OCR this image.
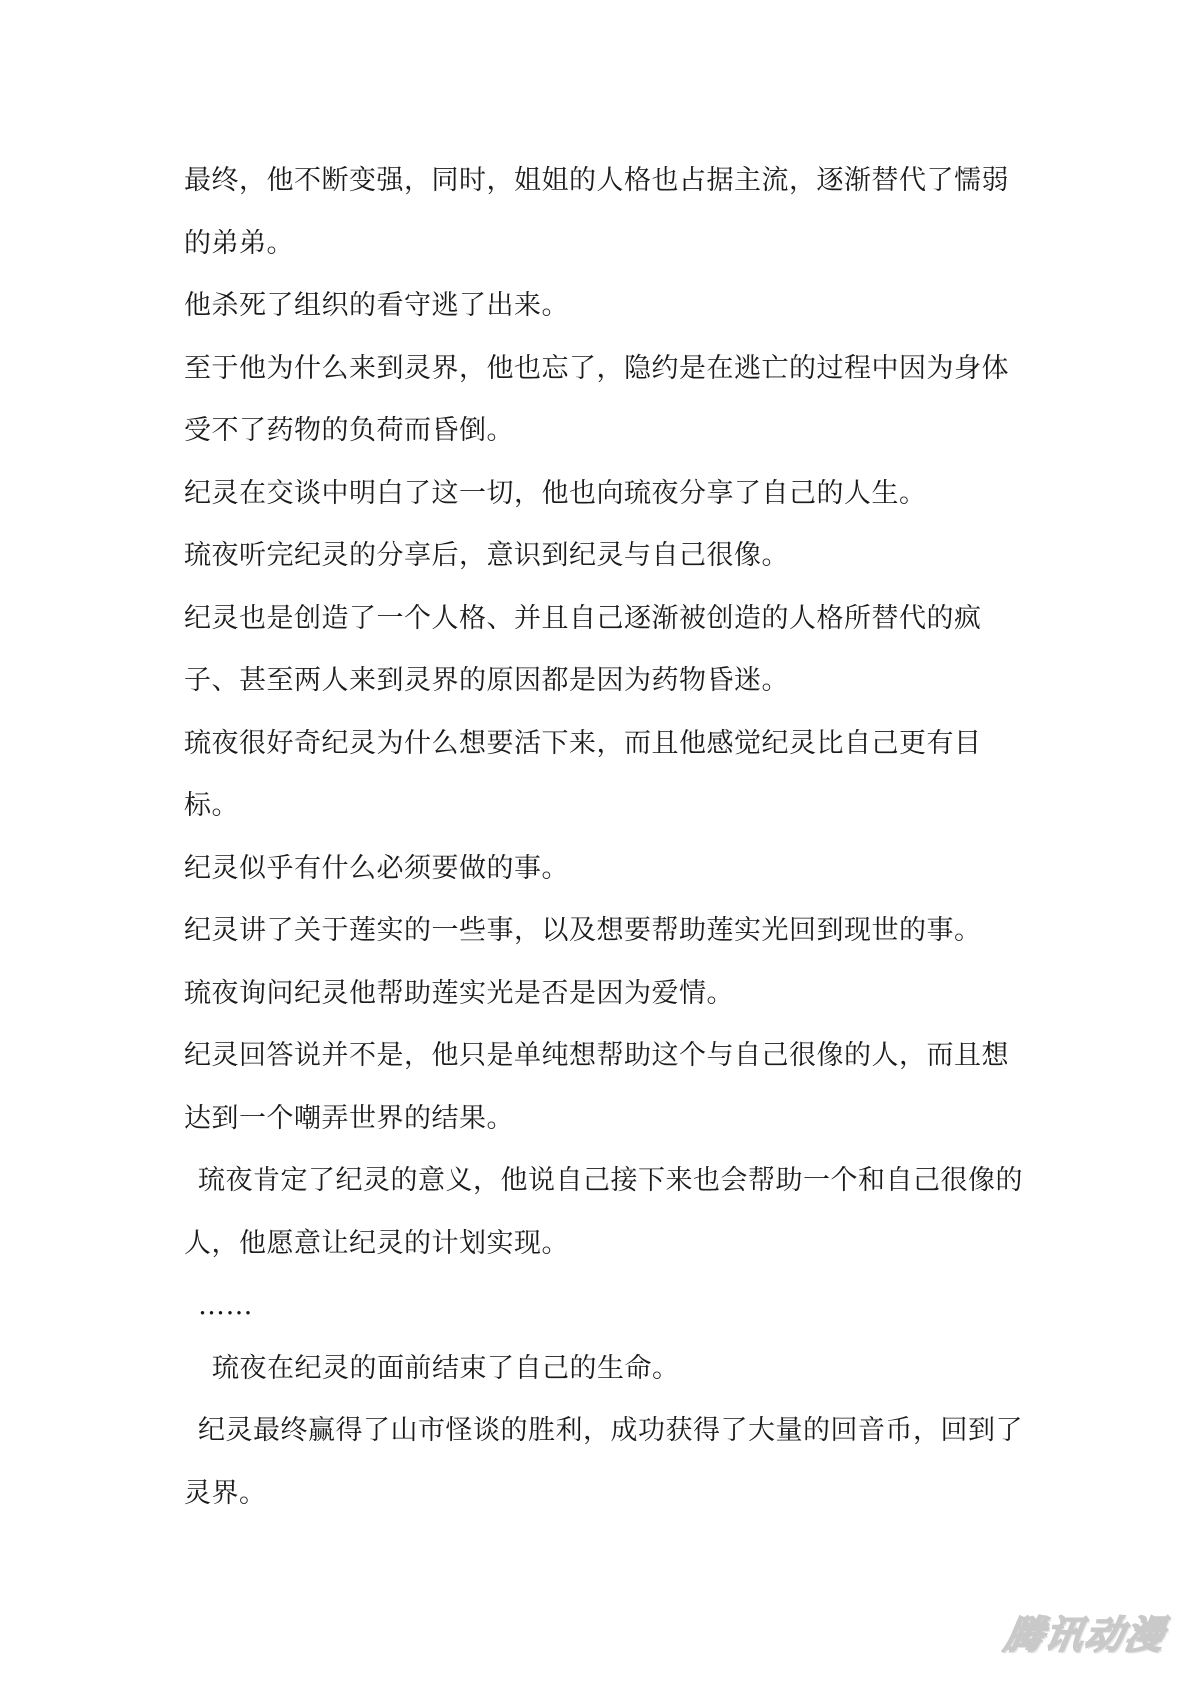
最终，他不断变强，同时，姐姐的人格也占据主流，逐渐替代了懦弱的弟弟。

他杀死了组织的看守逃了出来。

至于他为什么来到灵界，他也忘了，隐约是在逃亡的过程中因为身体受不了药物的负荷而昏倒。

纪灵在交谈中明白了这一切，他也向琉夜分享了自己的人生。

琉夜听完纪灵的分享后，意识到纪灵与自己很像。

纪灵也是创造了一个人格、并且自己逐渐被创造的人格所替代的疯子、甚至两人来到灵界的原因都是因为药物昏迷。

琉夜很好奇纪灵为什么想要活下来，而且他感觉纪灵比自己更有目标。

纪灵似乎有什么必须要做的事。

纪灵讲了关于莲实的一些事，以及想要帮助莲实光回到现世的事。

琉夜询问纪灵他帮助莲实光是否是因为爱情。

纪灵回答说并不是，他只是单纯想帮助这个与自己很像的人，而且想达到一个嘲弄世界的结果。

琉夜肯定了纪灵的意义，他说自己接下来也会帮助一个和自己很像的人，他愿意让纪灵的计划实现。

……

琉夜在纪灵的面前结束了自己的生命。

纪灵最终赢得了山市怪谈的胜利，成功获得了大量的回音币，回到了灵界。

腾讯动漫
